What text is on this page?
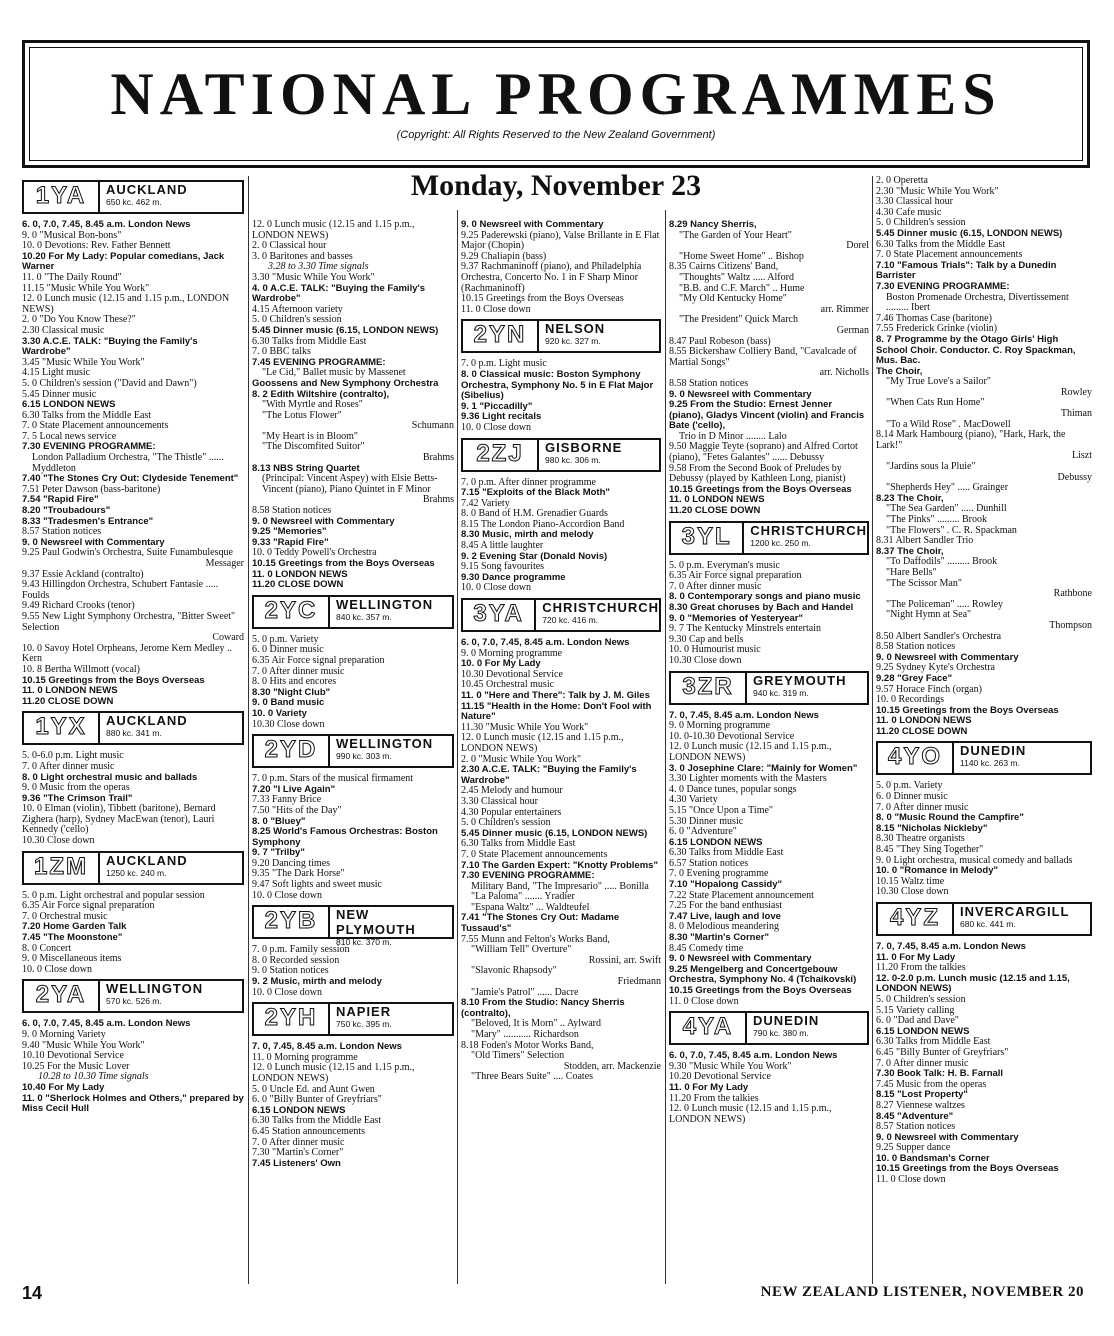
NATIONAL PROGRAMMES
(Copyright: All Rights Reserved to the New Zealand Government)
Monday, November 23
1YA	AUCKLAND
650 kc. 462 m.

6. 0, 7.0, 7.45, 8.45 a.m. London News

9. 0 "Musical Bon-bons"

10. 0 Devotions: Rev. Father Bennett

10.20 For My Lady: Popular comedians, Jack Warner

11. 0 "The Daily Round"

11.15 "Music While You Work"

12. 0 Lunch music (12.15 and 1.15 p.m., LONDON NEWS)

2. 0 "Do You Know These?"

2.30 Classical music

3.30 A.C.E. TALK: "Buying the Family's Wardrobe"

3.45 "Music While You Work"

4.15 Light music

5. 0 Children's session ("David and Dawn")

5.45 Dinner music

6.15 LONDON NEWS

6.30 Talks from the Middle East

7. 0 State Placement announcements

7. 5 Local news service

7.30 EVENING PROGRAMME:

London Palladium Orchestra, "The Thistle" ...... Myddleton

7.40 "The Stones Cry Out: Clydeside Tenement"

7.51 Peter Dawson (bass-baritone)

7.54 "Rapid Fire"

8.20 "Troubadours"

8.33 "Tradesmen's Entrance"

8.57 Station notices

9. 0 Newsreel with Commentary

9.25 Paul Godwin's Orchestra, Suite Funambulesque

Messager

9.37 Essie Ackland (contralto)

9.43 Hillingdon Orchestra, Schubert Fantasie ..... Foulds

9.49 Richard Crooks (tenor)

9.55 New Light Symphony Orchestra, "Bitter Sweet" Selection

Coward

10. 0 Savoy Hotel Orpheans, Jerome Kern Medley .. Kern

10. 8 Bertha Willmott (vocal)

10.15 Greetings from the Boys Overseas

11. 0 LONDON NEWS

11.20 CLOSE DOWN

1YX	AUCKLAND
880 kc. 341 m.

5. 0-6.0 p.m. Light music

7. 0 After dinner music

8. 0 Light orchestral music and ballads

9. 0 Music from the operas

9.36 "The Crimson Trail"

10. 0 Elman (violin), Tibbett (baritone), Bernard Zighera (harp), Sydney MacEwan (tenor), Lauri Kennedy ('cello)

10.30 Close down

1ZM	AUCKLAND
1250 kc. 240 m.

5. 0 p.m. Light orchestral and popular session

6.35 Air Force signal preparation

7. 0 Orchestral music

7.20 Home Garden Talk

7.45 "The Moonstone"

8. 0 Concert

9. 0 Miscellaneous items

10. 0 Close down

2YA	WELLINGTON
570 kc. 526 m.

6. 0, 7.0, 7.45, 8.45 a.m. London News

9. 0 Morning Variety

9.40 "Music While You Work"

10.10 Devotional Service

10.25 For the Music Lover

10.28 to 10.30 Time signals

10.40 For My Lady

11. 0 "Sherlock Holmes and Others," prepared by Miss Cecil Hull

12. 0 Lunch music (12.15 and 1.15 p.m., LONDON NEWS)

2. 0 Classical hour

3. 0 Baritones and basses

3.28 to 3.30 Time signals

3.30 "Music While You Work"

4. 0 A.C.E. TALK: "Buying the Family's Wardrobe"

4.15 Afternoon variety

5. 0 Children's session

5.45 Dinner music (6.15, LONDON NEWS)

6.30 Talks from Middle East

7. 0 BBC talks

7.45 EVENING PROGRAMME:

"Le Cid," Ballet music by Massenet

Goossens and New Symphony Orchestra

8. 2 Edith Wiltshire (contralto),

"With Myrtle and Roses"

"The Lotus Flower"

Schumann

"My Heart is in Bloom"

"The Discomfited Suitor"

Brahms

8.13 NBS String Quartet

(Principal: Vincent Aspey) with Elsie Betts-Vincent (piano), Piano Quintet in F Minor

Brahms

8.58 Station notices

9. 0 Newsreel with Commentary

9.25 "Memories"

9.33 "Rapid Fire"

10. 0 Teddy Powell's Orchestra

10.15 Greetings from the Boys Overseas

11. 0 LONDON NEWS

11.20 CLOSE DOWN

2YC	WELLINGTON
840 kc. 357 m.

5. 0 p.m. Variety

6. 0 Dinner music

6.35 Air Force signal preparation

7. 0 After dinner music

8. 0 Hits and encores

8.30 "Night Club"

9. 0 Band music

10. 0 Variety

10.30 Close down

2YD	WELLINGTON
990 kc. 303 m.

7. 0 p.m. Stars of the musical firmament

7.20 "I Live Again"

7.33 Fanny Brice

7.50 "Hits of the Day"

8. 0 "Bluey"

8.25 World's Famous Orchestras: Boston Symphony

9. 7 "Trilby"

9.20 Dancing times

9.35 "The Dark Horse"

9.47 Soft lights and sweet music

10. 0 Close down

2YB	NEW PLYMOUTH
810 kc. 370 m.

7. 0 p.m. Family session

8. 0 Recorded session

9. 0 Station notices

9. 2 Music, mirth and melody

10. 0 Close down

2YH	NAPIER
750 kc. 395 m.

7. 0, 7.45, 8.45 a.m. London News

11. 0 Morning programme

12. 0 Lunch music (12.15 and 1.15 p.m., LONDON NEWS)

5. 0 Uncle Ed. and Aunt Gwen

6. 0 "Billy Bunter of Greyfriars"

6.15 LONDON NEWS

6.30 Talks from the Middle East

6.45 Station announcements

7. 0 After dinner music

7.30 "Martin's Corner"

7.45 Listeners' Own

9. 0 Newsreel with Commentary

9.25 Paderewski (piano), Valse Brillante in E Flat Major (Chopin)

9.29 Chaliapin (bass)

9.37 Rachmaninoff (piano), and Philadelphia Orchestra, Concerto No. 1 in F Sharp Minor (Rachmaninoff)

10.15 Greetings from the Boys Overseas

11. 0 Close down

2YN	NELSON
920 kc. 327 m.

7. 0 p.m. Light music

8. 0 Classical music: Boston Symphony Orchestra, Symphony No. 5 in E Flat Major (Sibelius)

9. 1 "Piccadilly"

9.36 Light recitals

10. 0 Close down

2ZJ	GISBORNE
980 kc. 306 m.

7. 0 p.m. After dinner programme

7.15 "Exploits of the Black Moth"

7.42 Variety

8. 0 Band of H.M. Grenadier Guards

8.15 The London Piano-Accordion Band

8.30 Music, mirth and melody

8.45 A little laughter

9. 2 Evening Star (Donald Novis)

9.15 Song favourites

9.30 Dance programme

10. 0 Close down

3YA	CHRISTCHURCH
720 kc. 416 m.

6. 0, 7.0, 7.45, 8.45 a.m. London News

9. 0 Morning programme

10. 0 For My Lady

10.30 Devotional Service

10.45 Orchestral music

11. 0 "Here and There": Talk by J. M. Giles

11.15 "Health in the Home: Don't Fool with Nature"

11.30 "Music While You Work"

12. 0 Lunch music (12.15 and 1.15 p.m., LONDON NEWS)

2. 0 "Music While You Work"

2.30 A.C.E. TALK: "Buying the Family's Wardrobe"

2.45 Melody and humour

3.30 Classical hour

4.30 Popular entertainers

5. 0 Children's session

5.45 Dinner music (6.15, LONDON NEWS)

6.30 Talks from Middle East

7. 0 State Placement announcements

7.10 The Garden Expert: "Knotty Problems"

7.30 EVENING PROGRAMME:

Military Band, "The Impresario" ..... Bonilla

"La Paloma" ....... Yradier

"Espana Waltz" ... Waldteufel

7.41 "The Stones Cry Out: Madame Tussaud's"

7.55 Munn and Felton's Works Band,

"William Tell" Overture"

Rossini, arr. Swift

"Slavonic Rhapsody"

Friedmann

"Jamie's Patrol" ...... Dacre

8.10 From the Studio: Nancy Sherris (contralto),

"Beloved, It is Morn" .. Aylward

"Mary" ........... Richardson

8.18 Foden's Motor Works Band,

"Old Timers" Selection

Stodden, arr. Mackenzie

"Three Bears Suite" .... Coates

8.29 Nancy Sherris,

"The Garden of Your Heart"

Dorel

"Home Sweet Home" .. Bishop

8.35 Cairns Citizens' Band,

"Thoughts" Waltz ..... Alford

"B.B. and C.F. March" .. Hume

"My Old Kentucky Home"

arr. Rimmer

"The President" Quick March

German

8.47 Paul Robeson (bass)

8.55 Bickershaw Colliery Band, "Cavalcade of Martial Songs"

arr. Nicholls

8.58 Station notices

9. 0 Newsreel with Commentary

9.25 From the Studio: Ernest Jenner (piano), Gladys Vincent (violin) and Francis Bate ('cello),

Trio in D Minor ........ Lalo

9.50 Maggie Teyte (soprano) and Alfred Cortot (piano), "Fetes Galantes" ...... Debussy

9.58 From the Second Book of Preludes by Debussy (played by Kathleen Long, pianist)

10.15 Greetings from the Boys Overseas

11. 0 LONDON NEWS

11.20 CLOSE DOWN

3YL	CHRISTCHURCH
1200 kc. 250 m.

5. 0 p.m. Everyman's music

6.35 Air Force signal preparation

7. 0 After dinner music

8. 0 Contemporary songs and piano music

8.30 Great choruses by Bach and Handel

9. 0 "Memories of Yesteryear"

9. 7 The Kentucky Minstrels entertain

9.30 Cap and bells

10. 0 Humourist music

10.30 Close down

3ZR	GREYMOUTH
940 kc. 319 m.

7. 0, 7.45, 8.45 a.m. London News

9. 0 Morning programme

10. 0-10.30 Devotional Service

12. 0 Lunch music (12.15 and 1.15 p.m., LONDON NEWS)

3. 0 Josephine Clare: "Mainly for Women"

3.30 Lighter moments with the Masters

4. 0 Dance tunes, popular songs

4.30 Variety

5.15 "Once Upon a Time"

5.30 Dinner music

6. 0 "Adventure"

6.15 LONDON NEWS

6.30 Talks from Middle East

6.57 Station notices

7. 0 Evening programme

7.10 "Hopalong Cassidy"

7.22 State Placement announcement

7.25 For the band enthusiast

7.47 Live, laugh and love

8. 0 Melodious meandering

8.30 "Martin's Corner"

8.45 Comedy time

9. 0 Newsreel with Commentary

9.25 Mengelberg and Concertgebouw Orchestra, Symphony No. 4 (Tchaikovski)

10.15 Greetings from the Boys Overseas

11. 0 Close down

4YA	DUNEDIN
790 kc. 380 m.

6. 0, 7.0, 7.45, 8.45 a.m. London News

9.30 "Music While You Work"

10.20 Devotional Service

11. 0 For My Lady

11.20 From the talkies

12. 0 Lunch music (12.15 and 1.15 p.m., LONDON NEWS)

2. 0 Operetta

2.30 "Music While You Work"

3.30 Classical hour

4.30 Cafe music

5. 0 Children's session

5.45 Dinner music (6.15, LONDON NEWS)

6.30 Talks from the Middle East

7. 0 State Placement announcements

7.10 "Famous Trials": Talk by a Dunedin Barrister

7.30 EVENING PROGRAMME:

Boston Promenade Orchestra, Divertissement ......... Ibert

7.46 Thomas Case (baritone)

7.55 Frederick Grinke (violin)

8. 7 Programme by the Otago Girls' High School Choir. Conductor. C. Roy Spackman, Mus. Bac.

The Choir,

"My True Love's a Sailor"

Rowley

"When Cats Run Home"

Thiman

"To a Wild Rose" . MacDowell

8.14 Mark Hambourg (piano), "Hark, Hark, the Lark!"

Liszt

"Jardins sous la Pluie"

Debussy

"Shepherds Hey" ..... Grainger

8.23 The Choir,

"The Sea Garden" ..... Dunhill

"The Pinks" ......... Brook

"The Flowers" . C. R. Spackman

8.31 Albert Sandler Trio

8.37 The Choir,

"To Daffodils" ......... Brook

"Hare Bells"

"The Scissor Man"

Rathbone

"The Policeman" ..... Rowley

"Night Hymn at Sea"

Thompson

8.50 Albert Sandler's Orchestra

8.58 Station notices

9. 0 Newsreel with Commentary

9.25 Sydney Kyte's Orchestra

9.28 "Grey Face"

9.57 Horace Finch (organ)

10. 0 Recordings

10.15 Greetings from the Boys Overseas

11. 0 LONDON NEWS

11.20 CLOSE DOWN

4YO	DUNEDIN
1140 kc. 263 m.

5. 0 p.m. Variety

6. 0 Dinner music

7. 0 After dinner music

8. 0 "Music Round the Campfire"

8.15 "Nicholas Nickleby"

8.30 Theatre organists

8.45 "They Sing Together"

9. 0 Light orchestra, musical comedy and ballads

10. 0 "Romance in Melody"

10.15 Waltz time

10.30 Close down

4YZ	INVERCARGILL
680 kc. 441 m.

7. 0, 7.45, 8.45 a.m. London News

11. 0 For My Lady

11.20 From the talkies

12. 0-2.0 p.m. Lunch music (12.15 and 1.15, LONDON NEWS)

5. 0 Children's session

5.15 Variety calling

6. 0 "Dad and Dave"

6.15 LONDON NEWS

6.30 Talks from Middle East

6.45 "Billy Bunter of Greyfriars"

7. 0 After dinner music

7.30 Book Talk: H. B. Farnall

7.45 Music from the operas

8.15 "Lost Property"

8.27 Viennese waltzes

8.45 "Adventure"

8.57 Station notices

9. 0 Newsreel with Commentary

9.25 Supper dance

10. 0 Bandsman's Corner

10.15 Greetings from the Boys Overseas

11. 0 Close down

14	NEW ZEALAND LISTENER, NOVEMBER 20
